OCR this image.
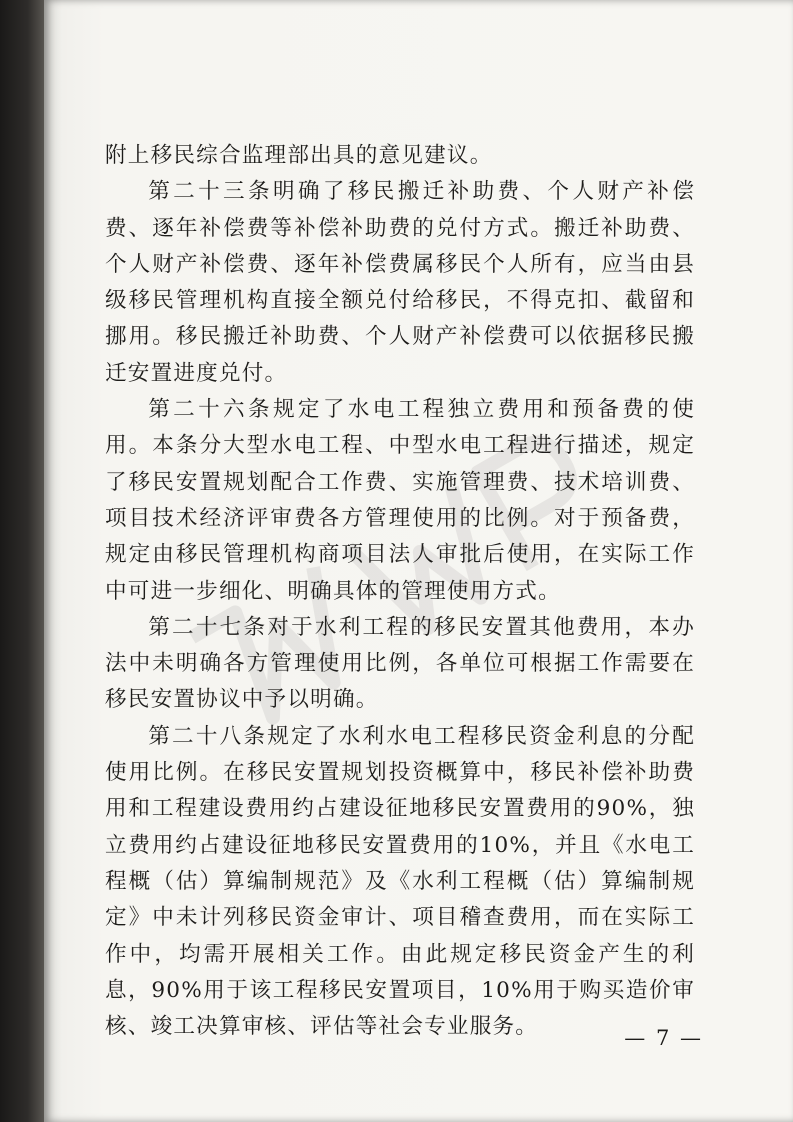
附上移民综合监理部出具的意见建议。

第二十三条明确了移民搬迁补助费、个人财产补偿费、逐年补偿费等补偿补助费的兑付方式。搬迁补助费、个人财产补偿费、逐年补偿费属移民个人所有，应当由县级移民管理机构直接全额兑付给移民，不得克扣、截留和挪用。移民搬迁补助费、个人财产补偿费可以依据移民搬迁安置进度兑付。

第二十六条规定了水电工程独立费用和预备费的使用。本条分大型水电工程、中型水电工程进行描述，规定了移民安置规划配合工作费、实施管理费、技术培训费、项目技术经济评审费各方管理使用的比例。对于预备费，规定由移民管理机构商项目法人审批后使用，在实际工作中可进一步细化、明确具体的管理使用方式。

第二十七条对于水利工程的移民安置其他费用，本办法中未明确各方管理使用比例，各单位可根据工作需要在移民安置协议中予以明确。

第二十八条规定了水利水电工程移民资金利息的分配使用比例。在移民安置规划投资概算中，移民补偿补助费用和工程建设费用约占建设征地移民安置费用的90%，独立费用约占建设征地移民安置费用的10%，并且《水电工程概（估）算编制规范》及《水利工程概（估）算编制规定》中未计列移民资金审计、项目稽查费用，而在实际工作中，均需开展相关工作。由此规定移民资金产生的利息，90%用于该工程移民安置项目，10%用于购买造价审核、竣工决算审核、评估等社会专业服务。	— 7 —
